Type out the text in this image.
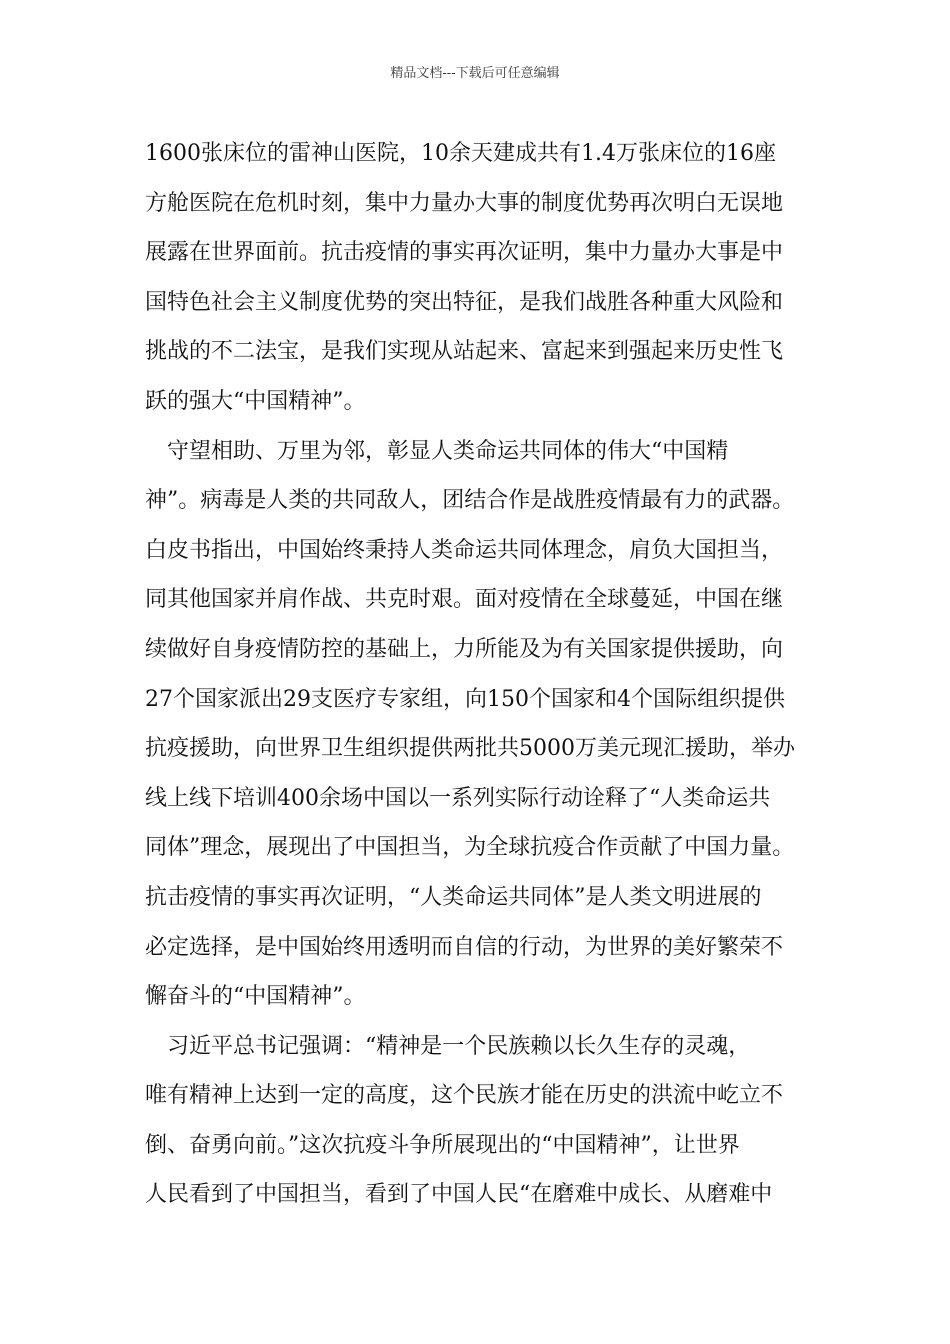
精品文档---下载后可任意编辑
1600张床位的雷神山医院，10余天建成共有1.4万张床位的16座
方舱医院在危机时刻，集中力量办大事的制度优势再次明白无误地
展露在世界面前。抗击疫情的事实再次证明，集中力量办大事是中
国特色社会主义制度优势的突出特征，是我们战胜各种重大风险和
挑战的不二法宝，是我们实现从站起来、富起来到强起来历史性飞
跃的强大“中国精神”。
　守望相助、万里为邻，彰显人类命运共同体的伟大“中国精
神”。病毒是人类的共同敌人，团结合作是战胜疫情最有力的武器。
白皮书指出，中国始终秉持人类命运共同体理念，肩负大国担当，
同其他国家并肩作战、共克时艰。面对疫情在全球蔓延，中国在继
续做好自身疫情防控的基础上，力所能及为有关国家提供援助，向
27个国家派出29支医疗专家组，向150个国家和4个国际组织提供
抗疫援助，向世界卫生组织提供两批共5000万美元现汇援助，举办
线上线下培训400余场中国以一系列实际行动诠释了“人类命运共
同体”理念，展现出了中国担当，为全球抗疫合作贡献了中国力量。
抗击疫情的事实再次证明，“人类命运共同体”是人类文明进展的
必定选择，是中国始终用透明而自信的行动，为世界的美好繁荣不
懈奋斗的“中国精神”。
　习近平总书记强调：“精神是一个民族赖以长久生存的灵魂，
唯有精神上达到一定的高度，这个民族才能在历史的洪流中屹立不
倒、奋勇向前。”这次抗疫斗争所展现出的“中国精神”，让世界
人民看到了中国担当，看到了中国人民“在磨难中成长、从磨难中
